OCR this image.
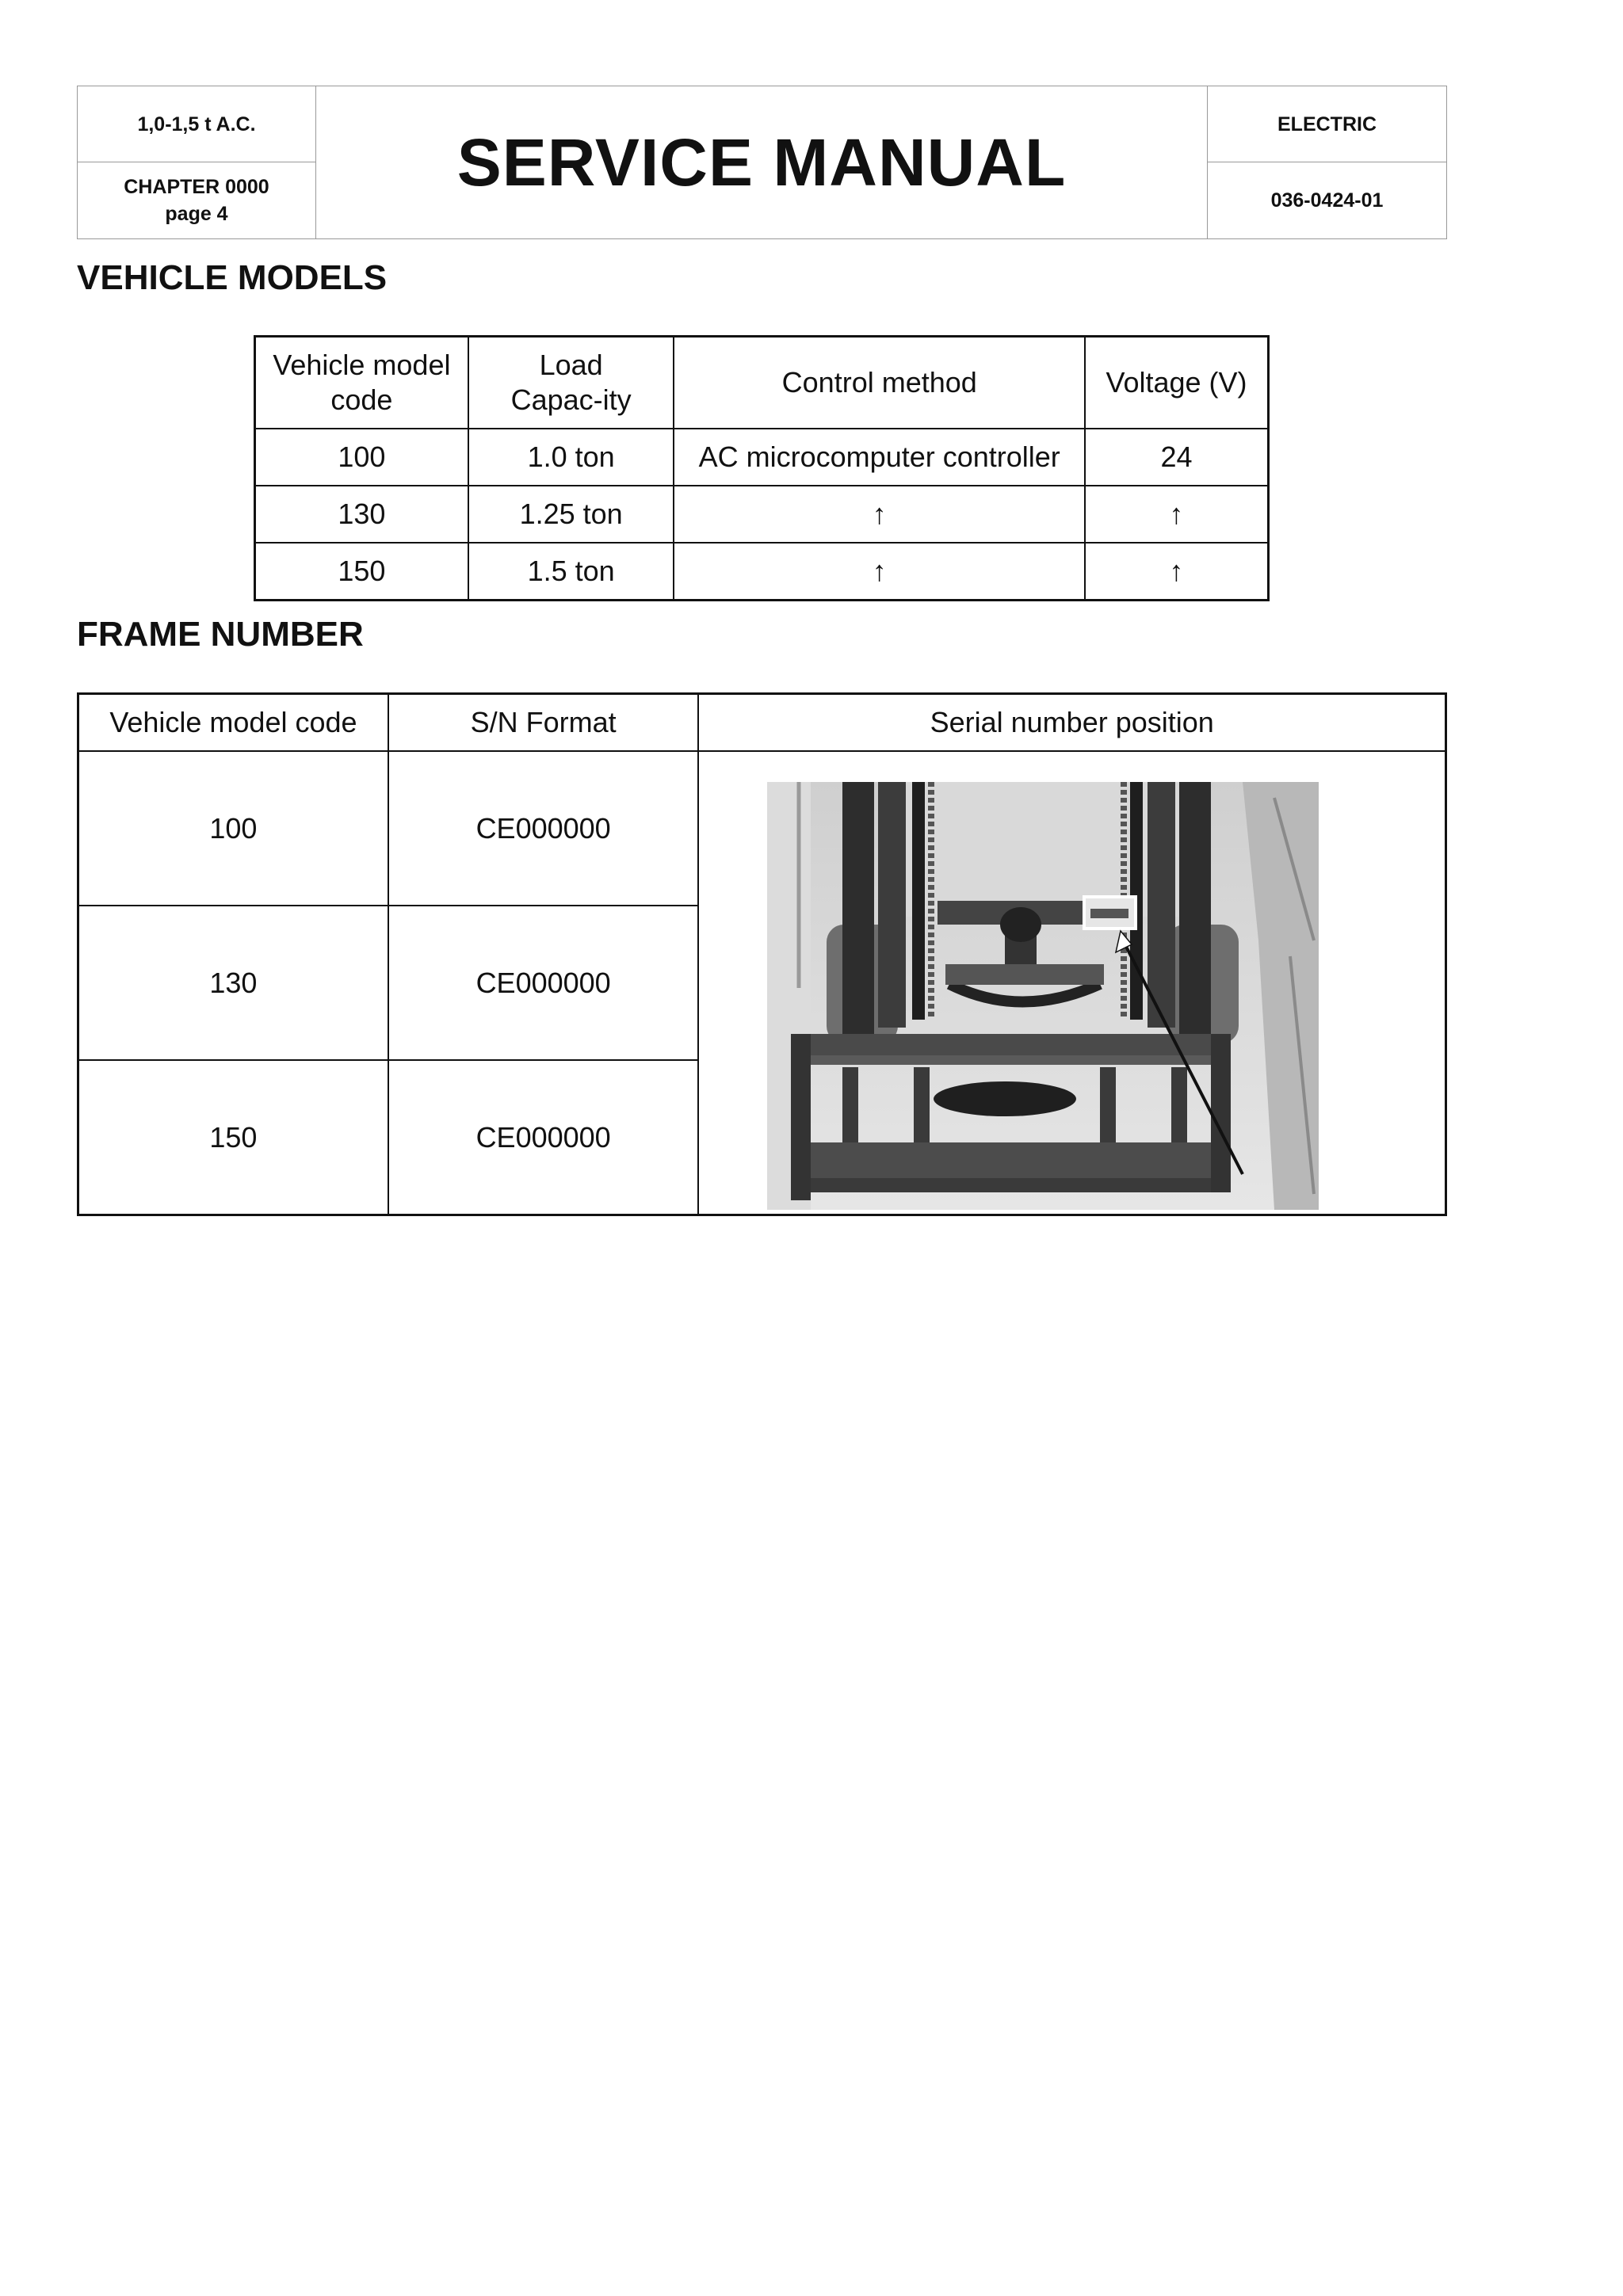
1,0-1,5 t A.C.
CHAPTER 0000
page 4
SERVICE MANUAL
ELECTRIC
036-0424-01
VEHICLE MODELS
Vehicle model code	Load Capac-ity	Control method	Voltage (V)
100	1.0 ton	AC microcomputer controller	24
130	1.25 ton	↑	↑
150	1.5 ton	↑	↑
FRAME NUMBER
Vehicle model code	S/N Format	Serial number position
100	CE000000	

130	CE000000	
150	CE000000	
